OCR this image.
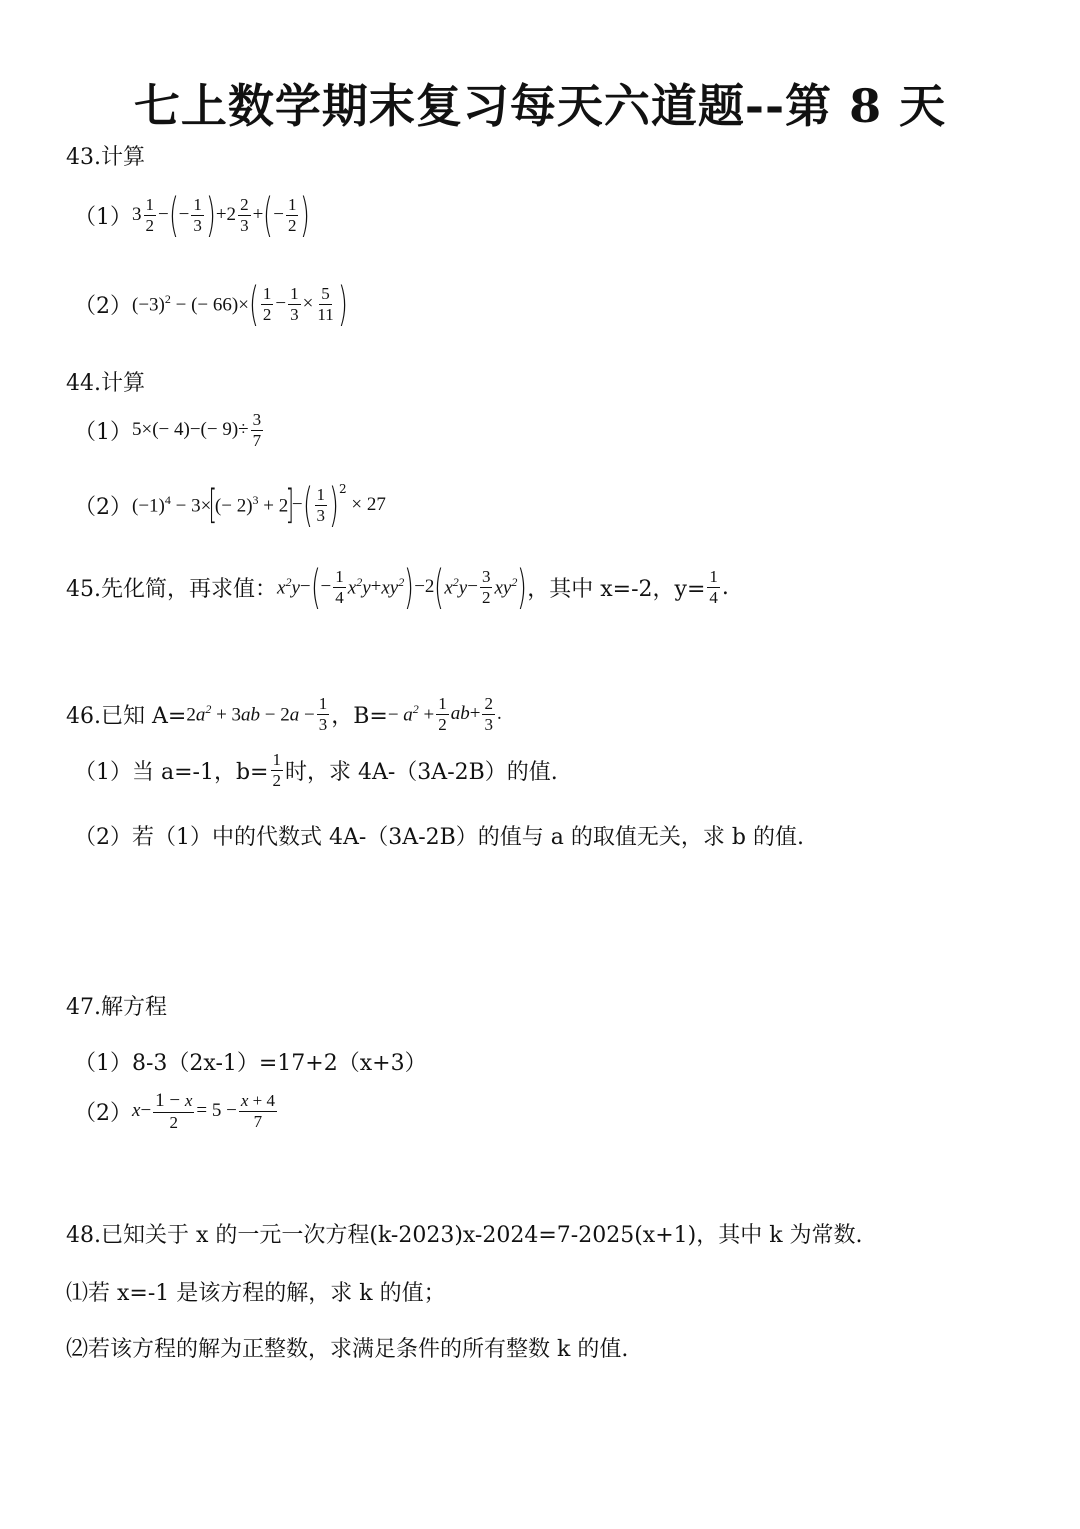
七上数学期末复习每天六道题--第 8 天
43.计算
（1） $3 \frac{1}{2}$ − ( − $\frac{1}{3}$ ) $+2 \frac{2}{3}$ + ( − $\frac{1}{2}$ )
（2） $(-3)^2$ − (− 66)× ( $\frac{1}{2} - \frac{1}{3} \times \frac{5}{11}$ )
44.计算
（1） $5\times(- 4)-(- 9)\div \frac{3}{7}$
（2） $(-1)^4 - 3\times$
[
(− 2)$^3$ + 2
]
− ( $\frac{1}{3} )^2$
× 27
45.先化简，再求值： $x^2y$ − ( − $\frac{1}{4} x^2y + xy^2$ ) −2 ( $x^2y - \frac{3}{2} xy^2$ ) ，其中 x=-2，$y= \frac{1}{4}$ .
46.已知 $A= 2a^2 + 3ab - 2a - \frac{1}{3}$ ，$B= - a^2 + \frac{1}{2}$ ab + $\frac{2}{3}$ .
（1）当 a=-1，$b= \frac{1}{2}$ 时，求 4A-（3A-2B）的值.
（2）若（1）中的代数式 4A-（3A-2B）的值与 a 的取值无关，求 b 的值.
47.解方程
（1）8-3（2x-1）=17+2（x+3）
（2） $x - \frac{1 - x}{2} = 5 - \frac{x + 4}{7}$
48.已知关于 x 的一元一次方程(k-2023)x-2024=7-2025(x+1)，其中 k 为常数.
⑴若 x=-1 是该方程的解，求 k 的值；
⑵若该方程的解为正整数，求满足条件的所有整数 k 的值.
